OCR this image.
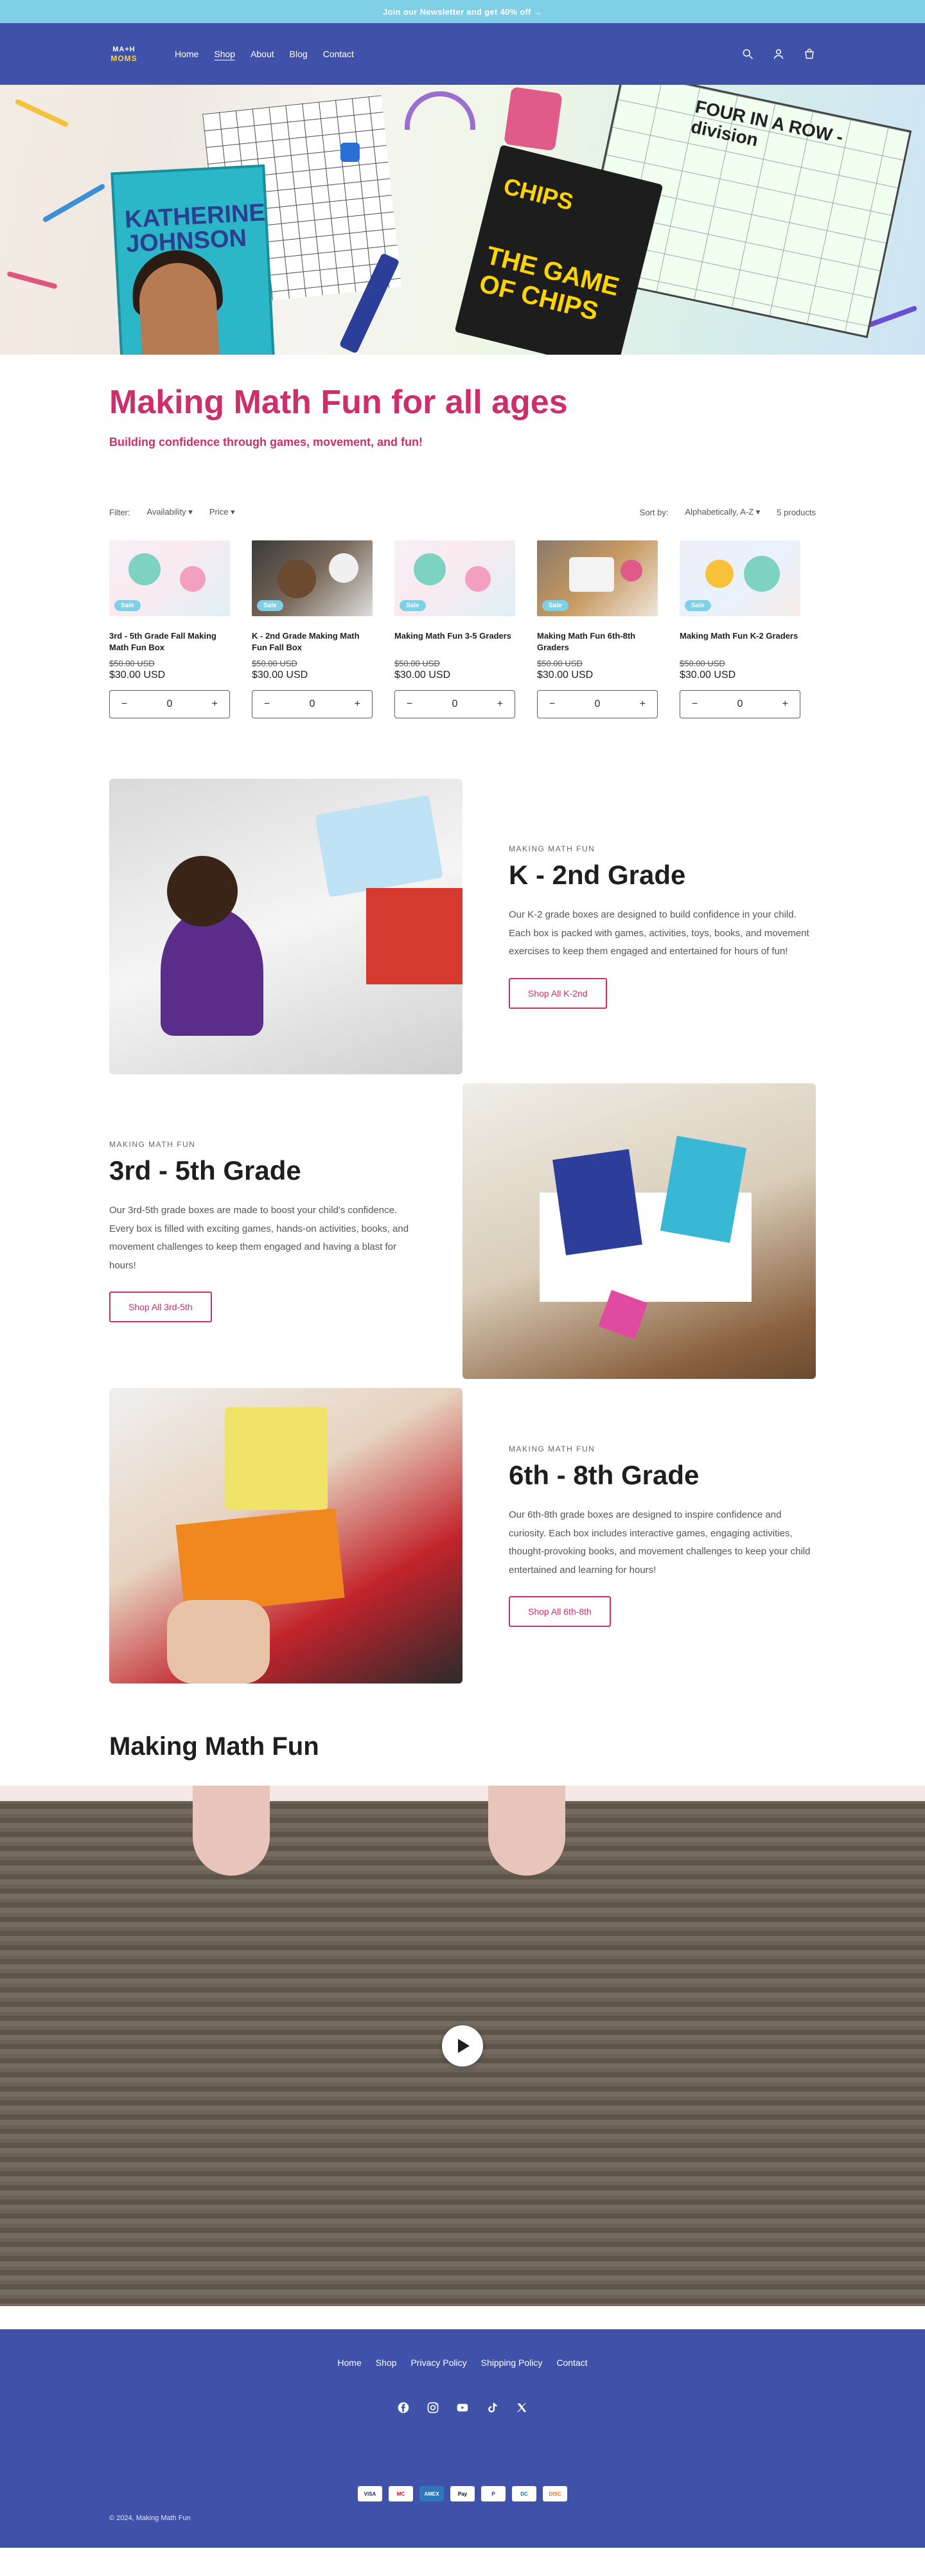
Join our Newsletter and get 40% off →
MA+H
MOMS	Home Shop About Blog Contact
FOUR IN A ROW - division
KATHERINE JOHNSON
CHIPS
THE GAME OF CHIPS
Making Math Fun for all ages

Building confidence through games, movement, and fun!

Filter: Availability ▾	Price ▾	Sort by: Alphabetically, A-Z ▾	5 products
Sale
3rd - 5th Grade Fall Making Math Fun Box
$50.00 USD
$30.00 USD
−	0	+
Sale
K - 2nd Grade Making Math Fun Fall Box
$50.00 USD
$30.00 USD
−	0	+
Sale
Making Math Fun 3-5 Graders
$50.00 USD
$30.00 USD
−	0	+
Sale
Making Math Fun 6th-8th Graders
$50.00 USD
$30.00 USD
−	0	+
Sale
Making Math Fun K-2 Graders
$50.00 USD
$30.00 USD
−	0	+
MAKING MATH FUN
K - 2nd Grade

Our K-2 grade boxes are designed to build confidence in your child. Each box is packed with games, activities, toys, books, and movement exercises to keep them engaged and entertained for hours of fun!

Shop All K-2nd
MAKING MATH FUN
3rd - 5th Grade

Our 3rd-5th grade boxes are made to boost your child's confidence. Every box is filled with exciting games, hands-on activities, books, and movement challenges to keep them engaged and having a blast for hours!

Shop All 3rd-5th
MAKING MATH FUN
6th - 8th Grade

Our 6th-8th grade boxes are designed to inspire confidence and curiosity. Each box includes interactive games, engaging activities, thought-provoking books, and movement challenges to keep your child entertained and learning for hours!

Shop All 6th-8th
Making Math Fun
Home Shop Privacy Policy Shipping Policy Contact
VISA	MC	AMEX	Pay	P	DC	DISC
© 2024, Making Math Fun
